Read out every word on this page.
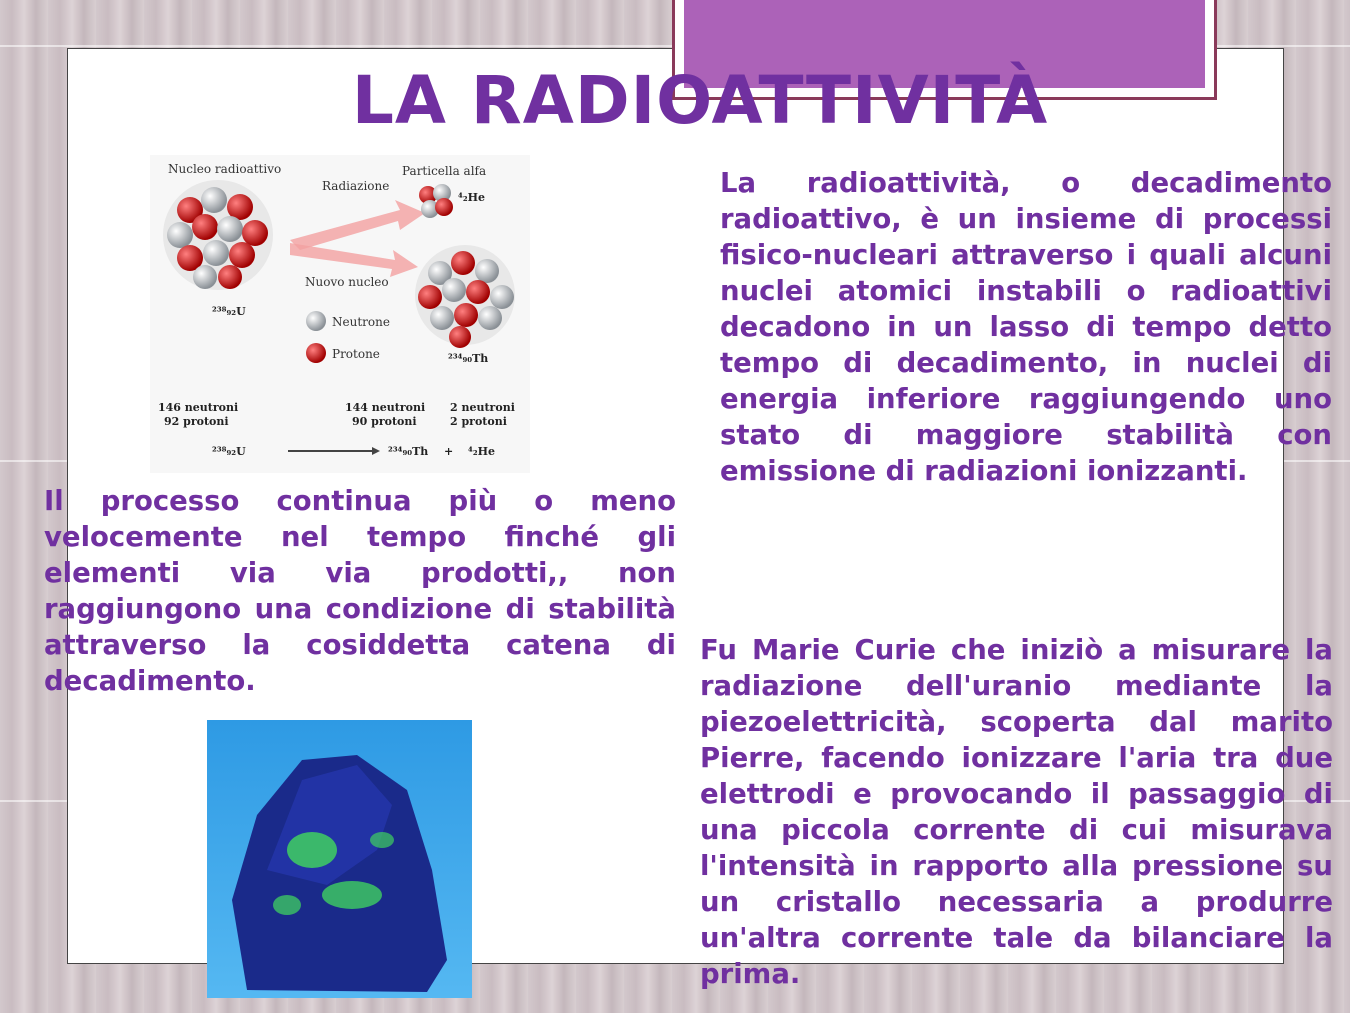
LA RADIOATTIVITÀ
Nucleo radioattivo
Radiazione
Particella alfa
⁴₂He
Nuovo nucleo
²³⁸₉₂U
²³⁴₉₀Th
Neutrone
Protone
146 neutroni
92 protoni
144 neutroni
90 protoni
2 neutroni
2 protoni
²³⁸₉₂U	²³⁴₉₀Th + ⁴₂He

La radioattività, o decadimento radioattivo, è un insieme di processi fisico-nucleari attraverso i quali alcuni nuclei atomici instabili o radioattivi decadono in un lasso di tempo detto tempo di decadimento, in nuclei di energia inferiore raggiungendo uno stato di maggiore stabilità con emissione di radiazioni ionizzanti.

Il processo continua più o meno velocemente nel tempo finché gli elementi via via prodotti,, non raggiungono una condizione di stabilità attraverso la cosiddetta catena di decadimento.

Fu Marie Curie che iniziò a misurare la radiazione dell'uranio mediante la piezoelettricità, scoperta dal marito Pierre, facendo ionizzare l'aria tra due elettrodi e provocando il passaggio di una piccola corrente di cui misurava l'intensità in rapporto alla pressione su un cristallo necessaria a produrre un'altra corrente tale da bilanciare la prima.
